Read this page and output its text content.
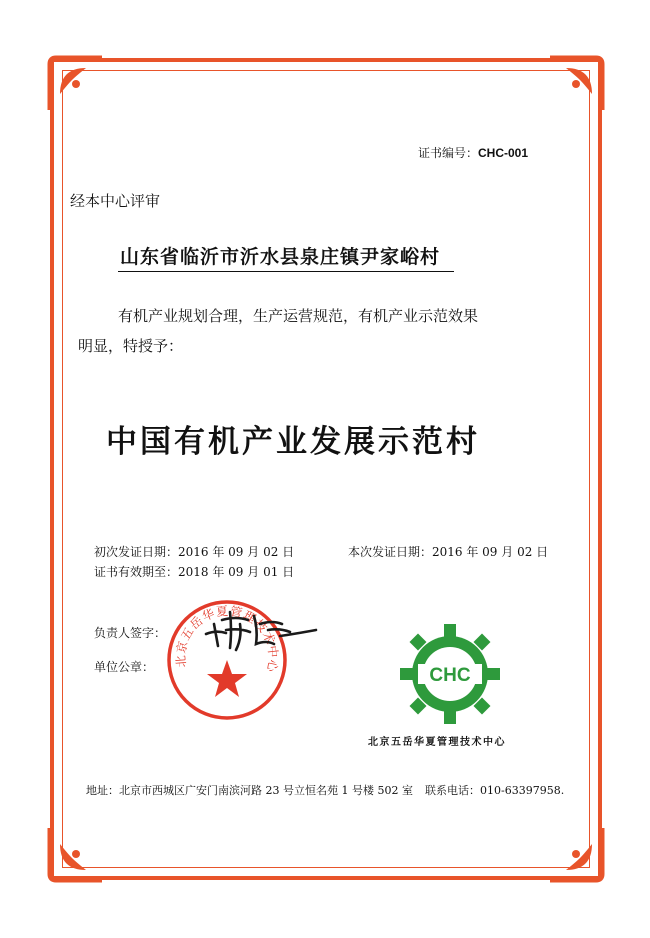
证书编号：CHC-001
经本中心评审
山东省临沂市沂水县泉庄镇尹家峪村
有机产业规划合理，生产运营规范，有机产业示范效果
明显，特授予：
中国有机产业发展示范村
初次发证日期：2016 年 09 月 02 日
证书有效期至：2018 年 09 月 01 日
本次发证日期：2016 年 09 月 02 日
负责人签字：
单位公章： 北京五岳华夏管理技术中心	CHC
北京五岳华夏管理技术中心
地址：北京市西城区广安门南滨河路 23 号立恒名苑 1 号楼 502 室 联系电话：010-63397958.
